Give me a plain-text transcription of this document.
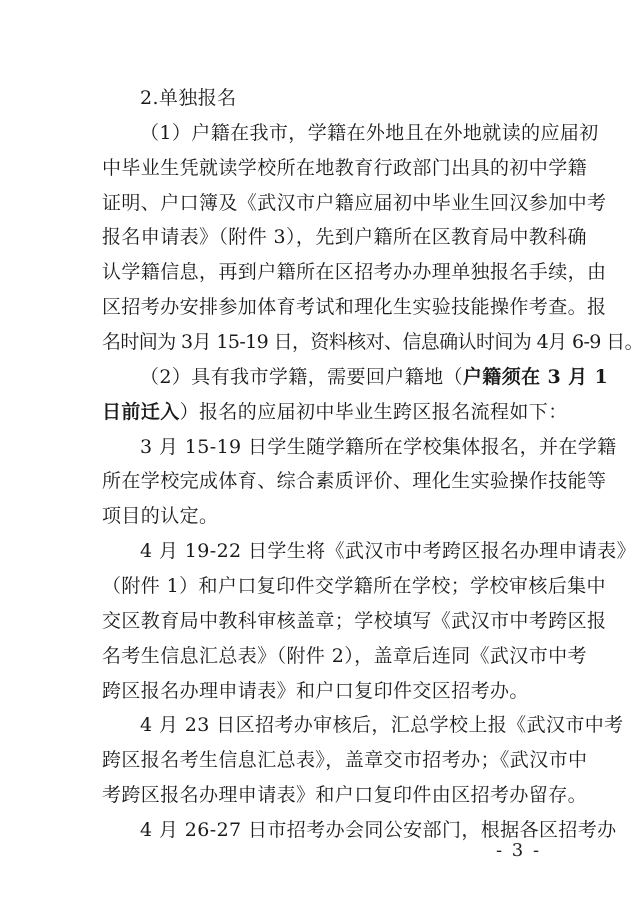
2.单独报名
（1）户籍在我市，学籍在外地且在外地就读的应届初
中毕业生凭就读学校所在地教育行政部门出具的初中学籍
证明、户口簿及《武汉市户籍应届初中毕业生回汉参加中考
报名申请表》（附件 3），先到户籍所在区教育局中教科确
认学籍信息，再到户籍所在区招考办办理单独报名手续，由
区招考办安排参加体育考试和理化生实验技能操作考查。报
名时间为 3月 15-19 日，资料核对、信息确认时间为 4月 6-9 日。
（2）具有我市学籍，需要回户籍地（户籍须在 3 月 1
日前迁入）报名的应届初中毕业生跨区报名流程如下：
3 月 15-19 日学生随学籍所在学校集体报名，并在学籍
所在学校完成体育、综合素质评价、理化生实验操作技能等
项目的认定。
4 月 19-22 日学生将《武汉市中考跨区报名办理申请表》
（附件 1）和户口复印件交学籍所在学校；学校审核后集中
交区教育局中教科审核盖章；学校填写《武汉市中考跨区报
名考生信息汇总表》（附件 2），盖章后连同《武汉市中考
跨区报名办理申请表》和户口复印件交区招考办。
4 月 23 日区招考办审核后，汇总学校上报《武汉市中考
跨区报名考生信息汇总表》，盖章交市招考办；《武汉市中
考跨区报名办理申请表》和户口复印件由区招考办留存。
4 月 26-27 日市招考办会同公安部门，根据各区招考办
- 3 -
